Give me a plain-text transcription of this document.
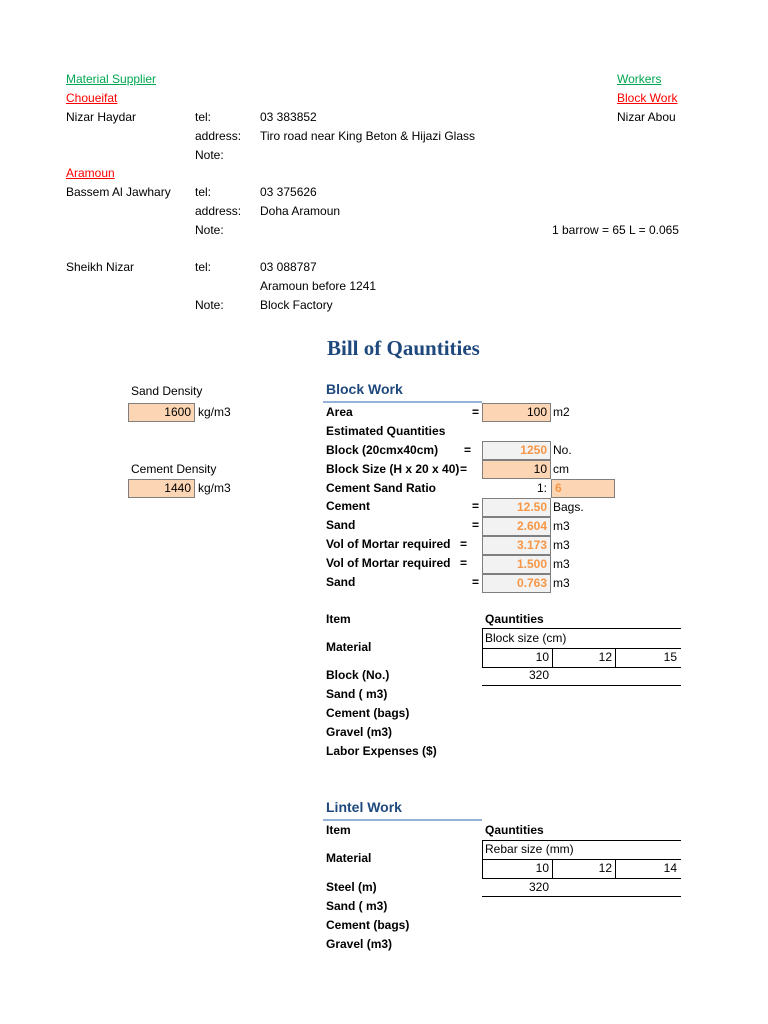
Material Supplier
Choueifat
Nizar Haydar	tel:	03 383852
address: Tiro road near King Beton & Hijazi Glass
Note:
Aramoun
Bassem Al Jawhary tel:	03 375626
address: Doha Aramoun
Note:
Sheikh Nizar	tel:	03 088787
Aramoun before 1241
Note:	Block Factory
Workers
Block Work
Nizar Abou
1 barrow = 65 L = 0.065
Bill of Qauntities
Sand Density
1600 kg/m3
Cement Density
1440 kg/m3
Block Work
Area	=	100 m2
Estimated Quantities
Block (20cmx40cm) =	1250 No.
Block Size (H x 20 x 40) =	10 cm
Cement Sand Ratio	1: 6
Cement	=	12.50 Bags.
Sand	=	2.604 m3
Vol of Mortar required =	3.173 m3
Vol of Mortar required =	1.500 m3
Sand	=	0.763 m3
Item	Qauntities
Block size (cm)
Material
10	12	15
Block (No.)	320
Sand ( m3)
Cement (bags)
Gravel (m3)
Labor Expenses ($)
Lintel Work
Item	Qauntities
Rebar size (mm)
Material
10	12	14
Steel (m)	320
Sand ( m3)
Cement (bags)
Gravel (m3)
